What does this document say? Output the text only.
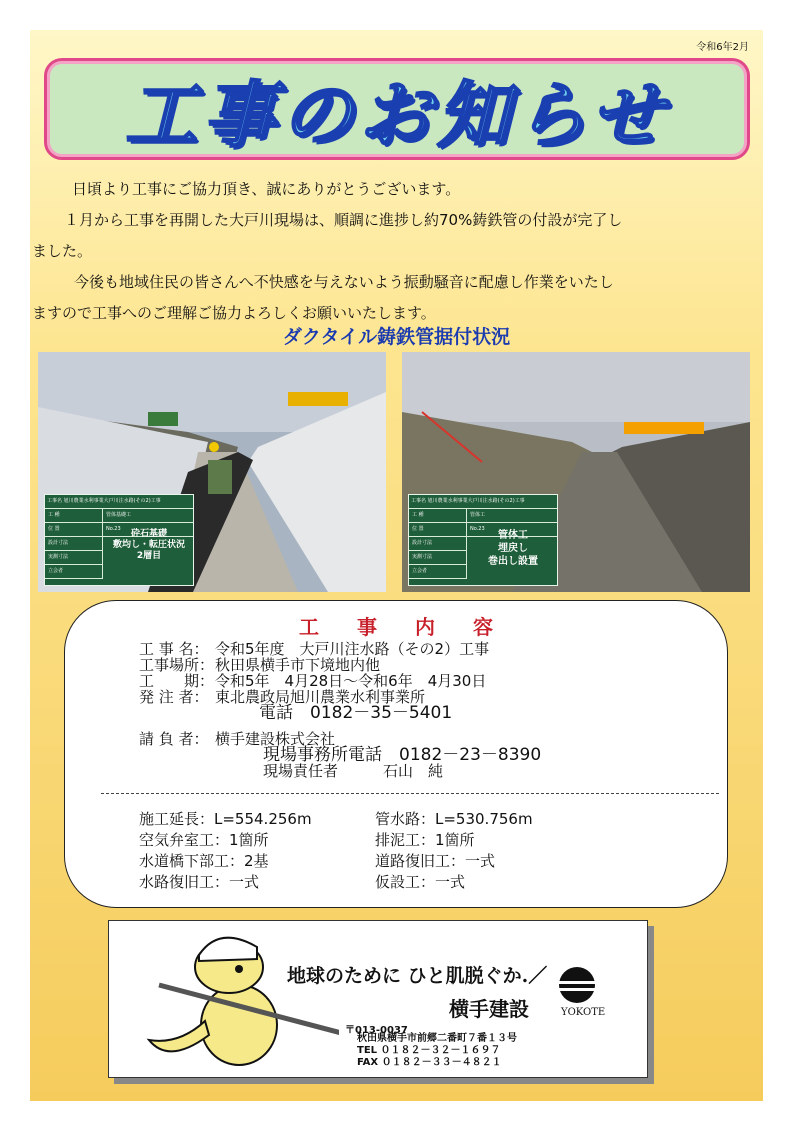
令和6年2月
工事のお知らせ

日頃より工事にご協力頂き、誠にありがとうございます。

１月から工事を再開した大戸川現場は、順調に進捗し約70%鋳鉄管の付設が完了し

ました。

今後も地域住民の皆さんへ不快感を与えないよう振動騒音に配慮し作業をいたし

ますので工事へのご理解ご協力よろしくお願いいたします。

ダクタイル鋳鉄管据付状況
工事名 旭川農業水利事業大戸川注水路(その2)工事
工 種
位 置
設計寸法
実測寸法
立会者
管体基礎工
No.23	砕石基礎
敷均し・転圧状況
2層目
工事名 旭川農業水利事業大戸川注水路(その2)工事
工 種
位 置
設計寸法
実測寸法
立会者
管体工
No.23
管体工
埋戻し
巻出し設置
工事内容
工 事 名： 令和5年度　大戸川注水路（その2）工事
工事場所： 秋田県横手市下境地内他
工　　期： 令和5年　4月28日～令和6年　4月30日
発 注 者： 東北農政局旭川農業水利事業所
電話　0182－35－5401
請 負 者： 横手建設株式会社
現場事務所電話　0182－23－8390
現場責任者　　　石山　純
施工延長：L=554.256m
空気弁室工：1箇所
水道橋下部工：2基
水路復旧工：一式
管水路：L=530.756m
排泥工：1箇所
道路復旧工：一式
仮設工：一式
地球のために ひと肌脱ぐか.／
横手建設
〒013-0037
秋田県横手市前郷二番町７番１３号
TEL ０１８２－３２－１６９７
FAX ０１８２－３３－４８２１
YOKOTE
